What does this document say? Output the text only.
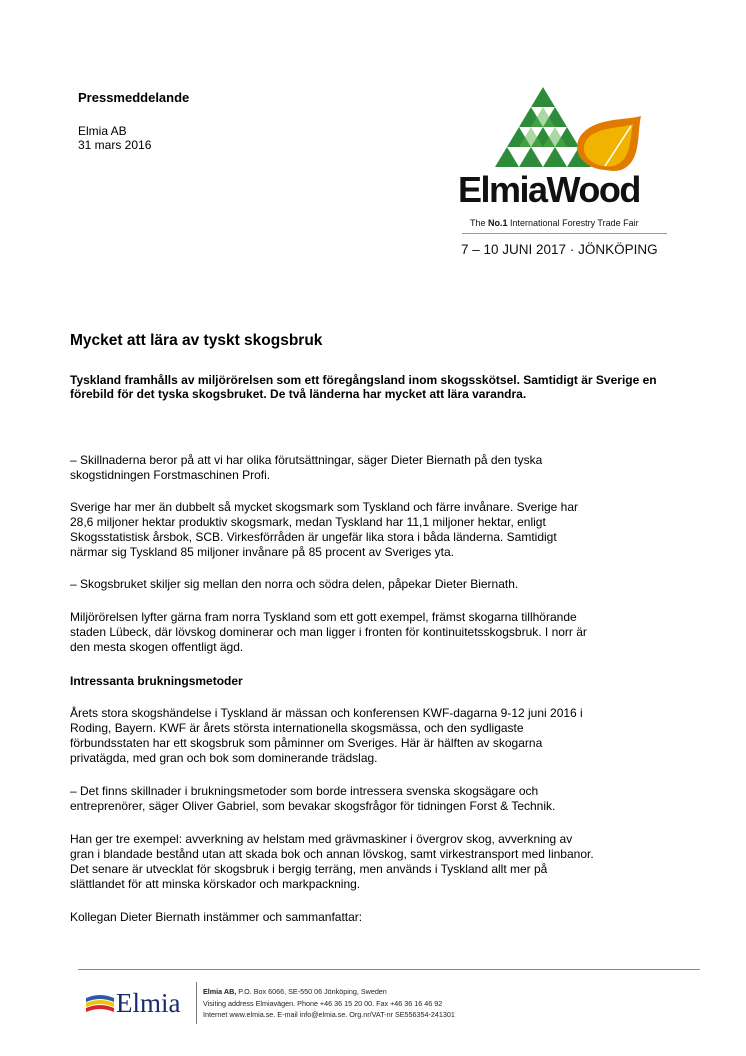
Pressmeddelande
Elmia AB
31 mars 2016
ElmiaWood
The No.1 International Forestry Trade Fair
7 – 10 JUNI 2017 · JÖNKÖPING
Mycket att lära av tyskt skogsbruk
Tyskland framhålls av miljörörelsen som ett föregångsland inom skogsskötsel. Samtidigt är Sverige en förebild för det tyska skogsbruket. De två länderna har mycket att lära varandra.
– Skillnaderna beror på att vi har olika förutsättningar, säger Dieter Biernath på den tyska
skogstidningen Forstmaschinen Profi.
Sverige har mer än dubbelt så mycket skogsmark som Tyskland och färre invånare. Sverige har
28,6 miljoner hektar produktiv skogsmark, medan Tyskland har 11,1 miljoner hektar, enligt
Skogsstatistisk årsbok, SCB. Virkesförråden är ungefär lika stora i båda länderna. Samtidigt
närmar sig Tyskland 85 miljoner invånare på 85 procent av Sveriges yta.
– Skogsbruket skiljer sig mellan den norra och södra delen, påpekar Dieter Biernath.
Miljörörelsen lyfter gärna fram norra Tyskland som ett gott exempel, främst skogarna tillhörande
staden Lübeck, där lövskog dominerar och man ligger i fronten för kontinuitetsskogsbruk. I norr är
den mesta skogen offentligt ägd.
Intressanta brukningsmetoder
Årets stora skogshändelse i Tyskland är mässan och konferensen KWF-dagarna 9-12 juni 2016 i
Roding, Bayern. KWF är årets största internationella skogsmässa, och den sydligaste
förbundsstaten har ett skogsbruk som påminner om Sveriges. Här är hälften av skogarna
privatägda, med gran och bok som dominerande trädslag.
– Det finns skillnader i brukningsmetoder som borde intressera svenska skogsägare och
entreprenörer, säger Oliver Gabriel, som bevakar skogsfrågor för tidningen Forst & Technik.
Han ger tre exempel: avverkning av helstam med grävmaskiner i övergrov skog, avverkning av
gran i blandade bestånd utan att skada bok och annan lövskog, samt virkestransport med linbanor.
Det senare är utvecklat för skogsbruk i bergig terräng, men används i Tyskland allt mer på
slättlandet för att minska körskador och markpackning.
Kollegan Dieter Biernath instämmer och sammanfattar:
Elmia	Elmia AB, P.O. Box 6066, SE-550 06 Jönköping, Sweden
Visiting address Elmiavägen. Phone +46 36 15 20 00. Fax +46 36 16 46 92
Internet www.elmia.se. E-mail info@elmia.se. Org.nr/VAT-nr SE556354-241301
